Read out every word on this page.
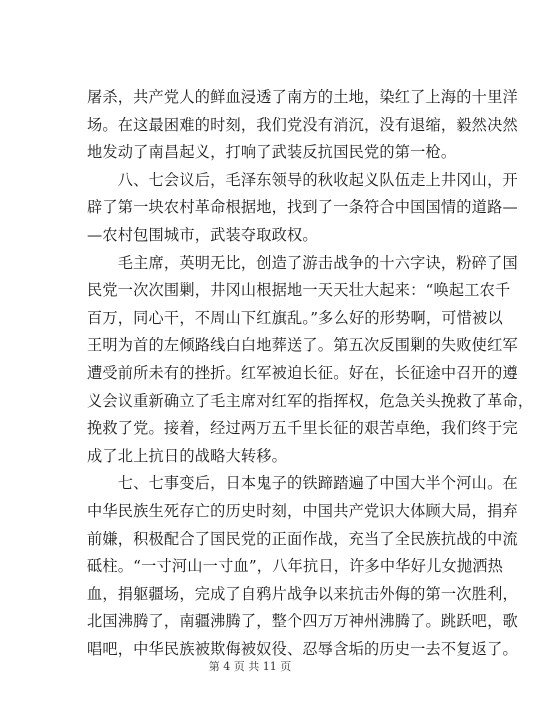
屠杀，共产党人的鲜血浸透了南方的土地，染红了上海的十里洋
场。在这最困难的时刻，我们党没有消沉，没有退缩，毅然决然
地发动了南昌起义，打响了武装反抗国民党的第一枪。
　　八、七会议后，毛泽东领导的秋收起义队伍走上井冈山，开
辟了第一块农村革命根据地，找到了一条符合中国国情的道路—
—农村包围城市，武装夺取政权。
　　毛主席，英明无比，创造了游击战争的十六字诀，粉碎了国
民党一次次围剿，井冈山根据地一天天壮大起来：“唤起工农千
百万，同心干，不周山下红旗乱。”多么好的形势啊，可惜被以
王明为首的左倾路线白白地葬送了。第五次反围剿的失败使红军
遭受前所未有的挫折。红军被迫长征。好在，长征途中召开的遵
义会议重新确立了毛主席对红军的指挥权，危急关头挽救了革命，
挽救了党。接着，经过两万五千里长征的艰苦卓绝，我们终于完
成了北上抗日的战略大转移。
　　七、七事变后，日本鬼子的铁蹄踏遍了中国大半个河山。在
中华民族生死存亡的历史时刻，中国共产党识大体顾大局，捐弃
前嫌，积极配合了国民党的正面作战，充当了全民族抗战的中流
砥柱。“一寸河山一寸血”，八年抗日，许多中华好儿女抛洒热
血，捐躯疆场，完成了自鸦片战争以来抗击外侮的第一次胜利，
北国沸腾了，南疆沸腾了，整个四万万神州沸腾了。跳跃吧，歌
唱吧，中华民族被欺侮被奴役、忍辱含垢的历史一去不复返了。
第 4 页 共 11 页
